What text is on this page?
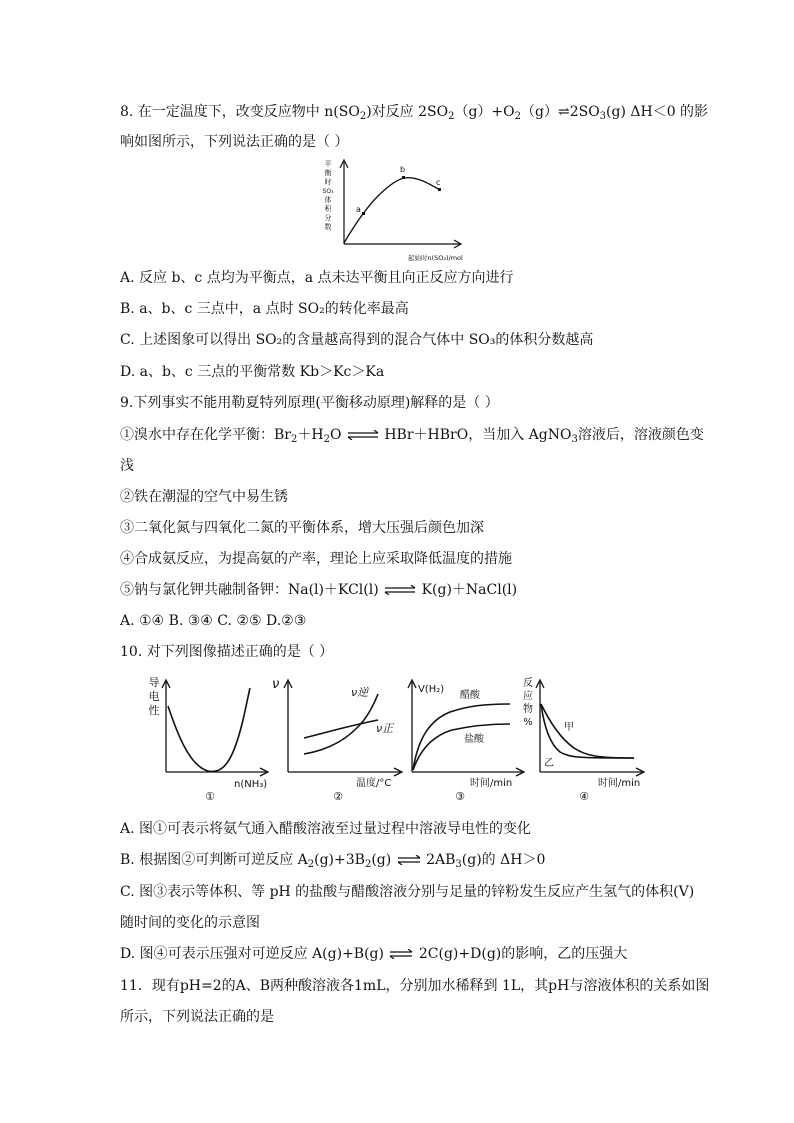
8. 在一定温度下，改变反应物中 $n(SO_2)$对反应 $2SO_2(g)+O_2(g)\rightleftharpoons 2SO_3(g)$ ΔH＜0 的影
响如图所示，下列说法正确的是（ ）
平
衡
时
SO₃
体
积
分
数
a
b
c
起始时n(SO₂)/mol
A. 反应 b、c 点均为平衡点，a 点未达平衡且向正反应方向进行
B. a、b、c 三点中，a 点时 SO₂的转化率最高
C. 上述图象可以得出 SO₂的含量越高得到的混合气体中 SO₃的体积分数越高
D. a、b、c 三点的平衡常数 Kb＞Kc＞Ka
9.下列事实不能用勒夏特列原理(平衡移动原理)解释的是（ ）
①溴水中存在化学平衡：$Br_2+H_2O$ ⇌ HBr＋HBrO，当加入 AgNO$_3$溶液后，溶液颜色变
浅
②铁在潮湿的空气中易生锈
③二氧化氮与四氧化二氮的平衡体系，增大压强后颜色加深
④合成氨反应，为提高氨的产率，理论上应采取降低温度的措施
⑤钠与氯化钾共融制备钾：Na(l)＋KCl(l) ⇌ K(g)＋NaCl(l)
A. ①④ B. ③④ C. ②⑤ D.②③
10. 对下列图像描述正确的是（ ）
导
电
性
n(NH₃)
①
ν
ν逆
ν正
温度/°C
②
V(H₂)
醋酸
盐酸
时间/min
③
反
应
物
%	甲
乙
时间/min
④
A. 图①可表示将氨气通入醋酸溶液至过量过程中溶液导电性的变化
B. 根据图②可判断可逆反应 $A_2(g)+3B_2(g)$ ⇌ $2AB_3(g)$的 ΔH＞0
C. 图③表示等体积、等 pH 的盐酸与醋酸溶液分别与足量的锌粉发生反应产生氢气的体积(V)
随时间的变化的示意图
D. 图④可表示压强对可逆反应 A(g)+B(g) ⇌ 2C(g)+D(g)的影响，乙的压强大
11．现有pH=2的A、B两种酸溶液各1mL，分别加水稀释到 1L，其pH与溶液体积的关系如图
所示，下列说法正确的是
